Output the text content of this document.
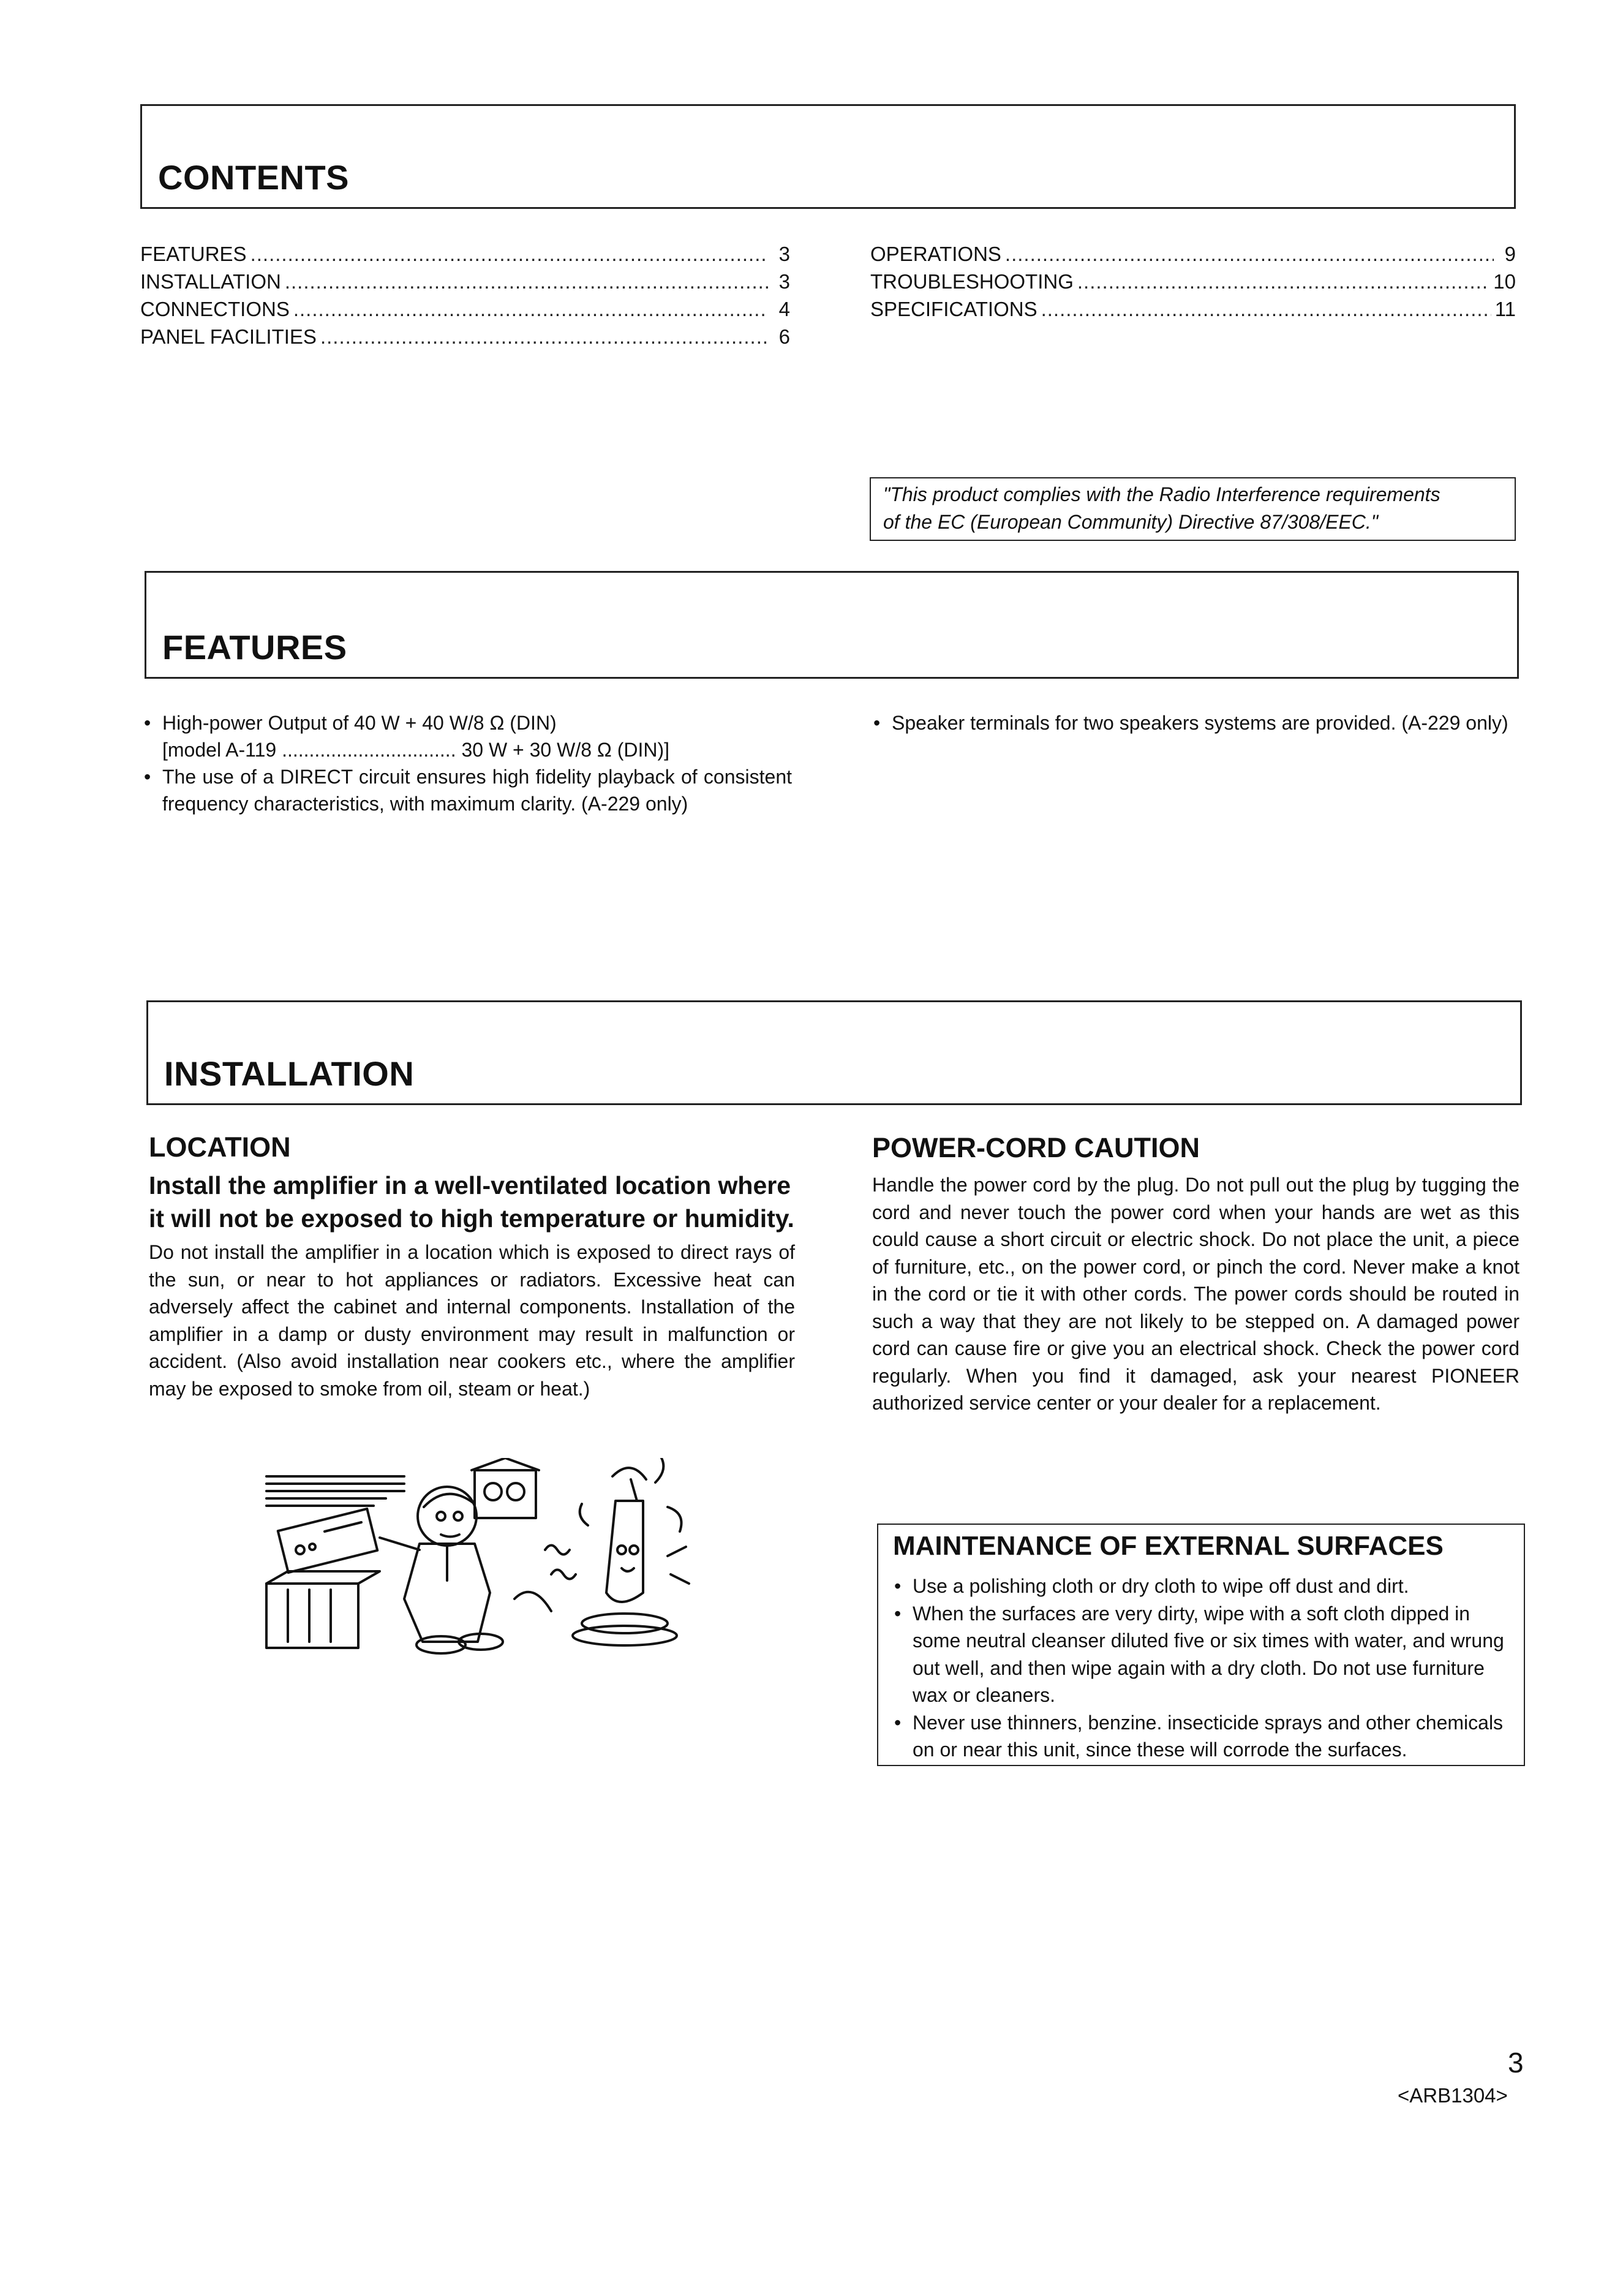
CONTENTS
FEATURES .....	3
INSTALLATION .....	3
CONNECTIONS .....	4
PANEL FACILITIES .....	6
OPERATIONS .....	9
TROUBLESHOOTING .....	10
SPECIFICATIONS .....	11
"This product complies with the Radio Interference requirements
of the EC (European Community) Directive 87/308/EEC."
FEATURES
• High-power Output of 40 W + 40 W/8 Ω (DIN)
[model A-119 ................................ 30 W + 30 W/8 Ω (DIN)]
• The use of a DIRECT circuit ensures high fidelity playback of consistent frequency characteristics, with maximum clarity. (A-229 only)
• Speaker terminals for two speakers systems are provided. (A-229 only)
INSTALLATION
LOCATION
Install the amplifier in a well-ventilated location where it will not be exposed to high temperature or humidity.
Do not install the amplifier in a location which is exposed to direct rays of the sun, or near to hot appliances or radiators. Excessive heat can adversely affect the cabinet and internal components. Installation of the amplifier in a damp or dusty environment may result in malfunction or accident. (Also avoid installation near cookers etc., where the amplifier may be exposed to smoke from oil, steam or heat.)
POWER-CORD CAUTION
Handle the power cord by the plug. Do not pull out the plug by tugging the cord and never touch the power cord when your hands are wet as this could cause a short circuit or electric shock. Do not place the unit, a piece of furniture, etc., on the power cord, or pinch the cord. Never make a knot in the cord or tie it with other cords. The power cords should be routed in such a way that they are not likely to be stepped on. A damaged power cord can cause fire or give you an electrical shock. Check the power cord regularly. When you find it damaged, ask your nearest PIONEER authorized service center or your dealer for a replacement.
MAINTENANCE OF EXTERNAL SURFACES
• Use a polishing cloth or dry cloth to wipe off dust and dirt.
• When the surfaces are very dirty, wipe with a soft cloth dipped in some neutral cleanser diluted five or six times with water, and wrung out well, and then wipe again with a dry cloth. Do not use furniture wax or cleaners.
• Never use thinners, benzine. insecticide sprays and other chemicals on or near this unit, since these will corrode the surfaces.
3
<ARB1304>
